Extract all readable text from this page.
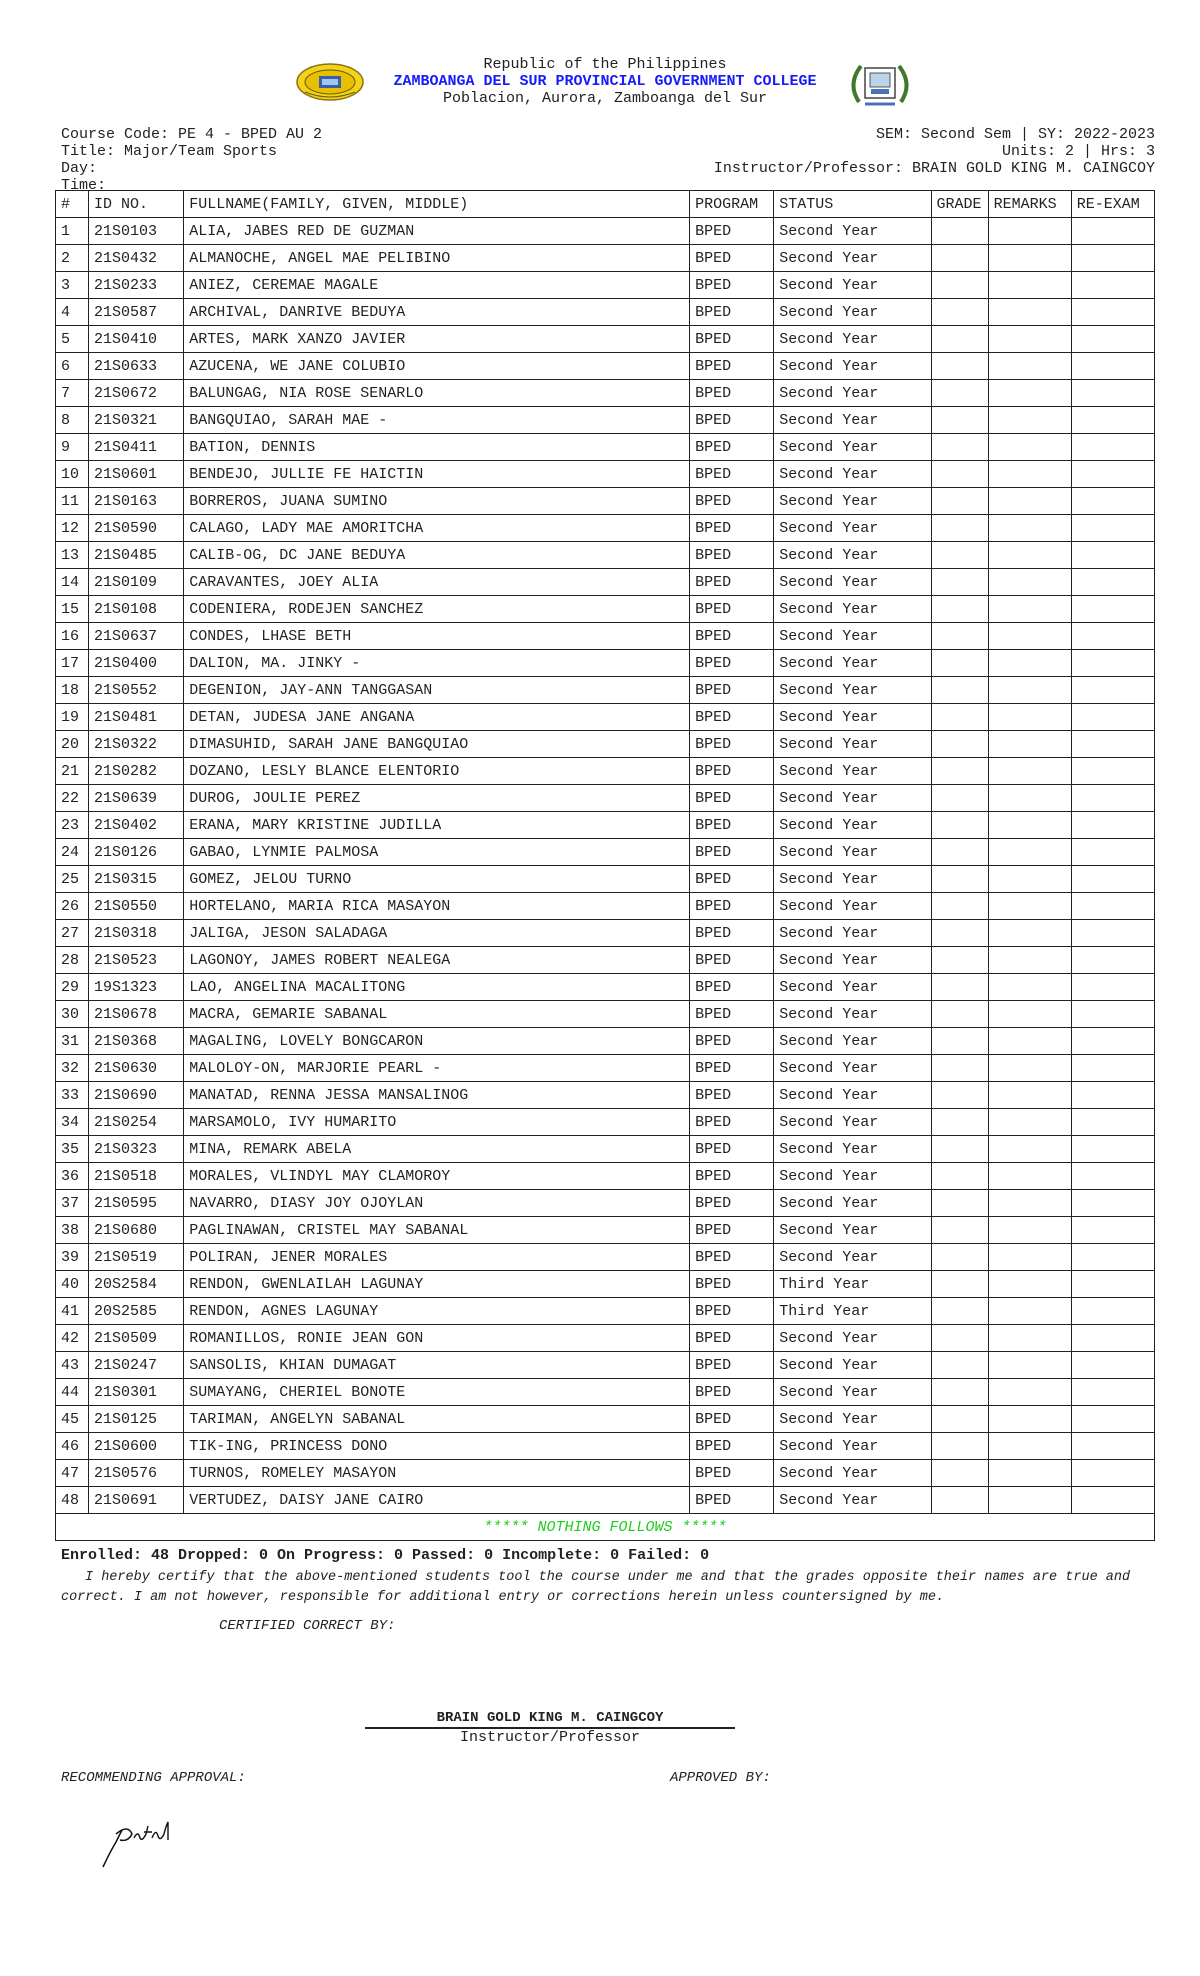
Republic of the Philippines
ZAMBOANGA DEL SUR PROVINCIAL GOVERNMENT COLLEGE
Poblacion, Aurora, Zamboanga del Sur
Course Code: PE 4 - BPED AU 2
Title: Major/Team Sports
Day:
Time:
SEM: Second Sem | SY: 2022-2023
Units: 2 | Hrs: 3
Instructor/Professor: BRAIN GOLD KING M. CAINGCOY
#	ID NO.	FULLNAME(FAMILY, GIVEN, MIDDLE)	PROGRAM	STATUS	GRADE	REMARKS	RE-EXAM
1	21S0103	ALIA, JABES RED DE GUZMAN	BPED	Second Year			
2	21S0432	ALMANOCHE, ANGEL MAE PELIBINO	BPED	Second Year			
3	21S0233	ANIEZ, CEREMAE MAGALE	BPED	Second Year			
4	21S0587	ARCHIVAL, DANRIVE BEDUYA	BPED	Second Year			
5	21S0410	ARTES, MARK XANZO JAVIER	BPED	Second Year			
6	21S0633	AZUCENA, WE JANE COLUBIO	BPED	Second Year			
7	21S0672	BALUNGAG, NIA ROSE SENARLO	BPED	Second Year			
8	21S0321	BANGQUIAO, SARAH MAE -	BPED	Second Year			
9	21S0411	BATION, DENNIS	BPED	Second Year			
10	21S0601	BENDEJO, JULLIE FE HAICTIN	BPED	Second Year			
11	21S0163	BORREROS, JUANA SUMINO	BPED	Second Year			
12	21S0590	CALAGO, LADY MAE AMORITCHA	BPED	Second Year			
13	21S0485	CALIB-OG, DC JANE BEDUYA	BPED	Second Year			
14	21S0109	CARAVANTES, JOEY ALIA	BPED	Second Year			
15	21S0108	CODENIERA, RODEJEN SANCHEZ	BPED	Second Year			
16	21S0637	CONDES, LHASE BETH	BPED	Second Year			
17	21S0400	DALION, MA. JINKY -	BPED	Second Year			
18	21S0552	DEGENION, JAY-ANN TANGGASAN	BPED	Second Year			
19	21S0481	DETAN, JUDESA JANE ANGANA	BPED	Second Year			
20	21S0322	DIMASUHID, SARAH JANE BANGQUIAO	BPED	Second Year			
21	21S0282	DOZANO, LESLY BLANCE ELENTORIO	BPED	Second Year			
22	21S0639	DUROG, JOULIE PEREZ	BPED	Second Year			
23	21S0402	ERANA, MARY KRISTINE JUDILLA	BPED	Second Year			
24	21S0126	GABAO, LYNMIE PALMOSA	BPED	Second Year			
25	21S0315	GOMEZ, JELOU TURNO	BPED	Second Year			
26	21S0550	HORTELANO, MARIA RICA MASAYON	BPED	Second Year			
27	21S0318	JALIGA, JESON SALADAGA	BPED	Second Year			
28	21S0523	LAGONOY, JAMES ROBERT NEALEGA	BPED	Second Year			
29	19S1323	LAO, ANGELINA MACALITONG	BPED	Second Year			
30	21S0678	MACRA, GEMARIE SABANAL	BPED	Second Year			
31	21S0368	MAGALING, LOVELY BONGCARON	BPED	Second Year			
32	21S0630	MALOLOY-ON, MARJORIE PEARL -	BPED	Second Year			
33	21S0690	MANATAD, RENNA JESSA MANSALINOG	BPED	Second Year			
34	21S0254	MARSAMOLO, IVY HUMARITO	BPED	Second Year			
35	21S0323	MINA, REMARK ABELA	BPED	Second Year			
36	21S0518	MORALES, VLINDYL MAY CLAMOROY	BPED	Second Year			
37	21S0595	NAVARRO, DIASY JOY OJOYLAN	BPED	Second Year			
38	21S0680	PAGLINAWAN, CRISTEL MAY SABANAL	BPED	Second Year			
39	21S0519	POLIRAN, JENER MORALES	BPED	Second Year			
40	20S2584	RENDON, GWENLAILAH LAGUNAY	BPED	Third Year			
41	20S2585	RENDON, AGNES LAGUNAY	BPED	Third Year			
42	21S0509	ROMANILLOS, RONIE JEAN GON	BPED	Second Year			
43	21S0247	SANSOLIS, KHIAN DUMAGAT	BPED	Second Year			
44	21S0301	SUMAYANG, CHERIEL BONOTE	BPED	Second Year			
45	21S0125	TARIMAN, ANGELYN SABANAL	BPED	Second Year			
46	21S0600	TIK-ING, PRINCESS DONO	BPED	Second Year			
47	21S0576	TURNOS, ROMELEY MASAYON	BPED	Second Year			
48	21S0691	VERTUDEZ, DAISY JANE CAIRO	BPED	Second Year			
***** NOTHING FOLLOWS *****							
Enrolled: 48 Dropped: 0 On Progress: 0 Passed: 0 Incomplete: 0 Failed: 0
I hereby certify that the above-mentioned students tool the course under me and that the grades opposite their names are true and correct. I am not however, responsible for additional entry or corrections herein unless countersigned by me.
CERTIFIED CORRECT BY:
BRAIN GOLD KING M. CAINGCOY
Instructor/Professor
RECOMMENDING APPROVAL:	APPROVED BY:
